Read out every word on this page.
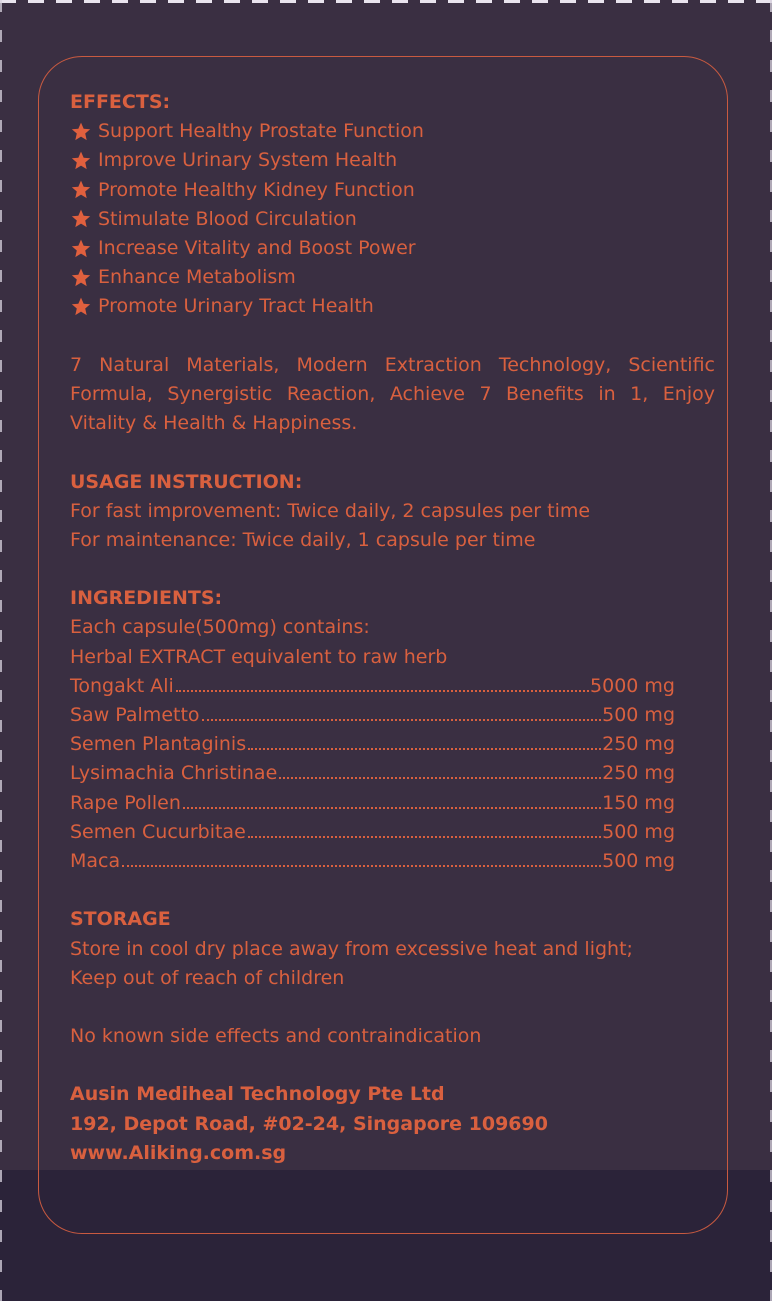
EFFECTS:
Support Healthy Prostate Function
Improve Urinary System Health
Promote Healthy Kidney Function
Stimulate Blood Circulation
Increase Vitality and Boost Power
Enhance Metabolism
Promote Urinary Tract Health
7 Natural Materials, Modern Extraction Technology, Scientific Formula, Synergistic Reaction, Achieve 7 Benefits in 1, Enjoy Vitality & Health & Happiness.
USAGE INSTRUCTION:
For fast improvement: Twice daily, 2 capsules per time
For maintenance: Twice daily, 1 capsule per time
INGREDIENTS:
Each capsule(500mg) contains:
Herbal EXTRACT equivalent to raw herb
Tongakt Ali	5000 mg
Saw Palmetto	500 mg
Semen Plantaginis	250 mg
Lysimachia Christinae	250 mg
Rape Pollen	150 mg
Semen Cucurbitae	500 mg
Maca	500 mg
STORAGE
Store in cool dry place away from excessive heat and light;
Keep out of reach of children
No known side effects and contraindication
Ausin Mediheal Technology Pte Ltd
192, Depot Road, #02-24, Singapore 109690
www.Aliking.com.sg
